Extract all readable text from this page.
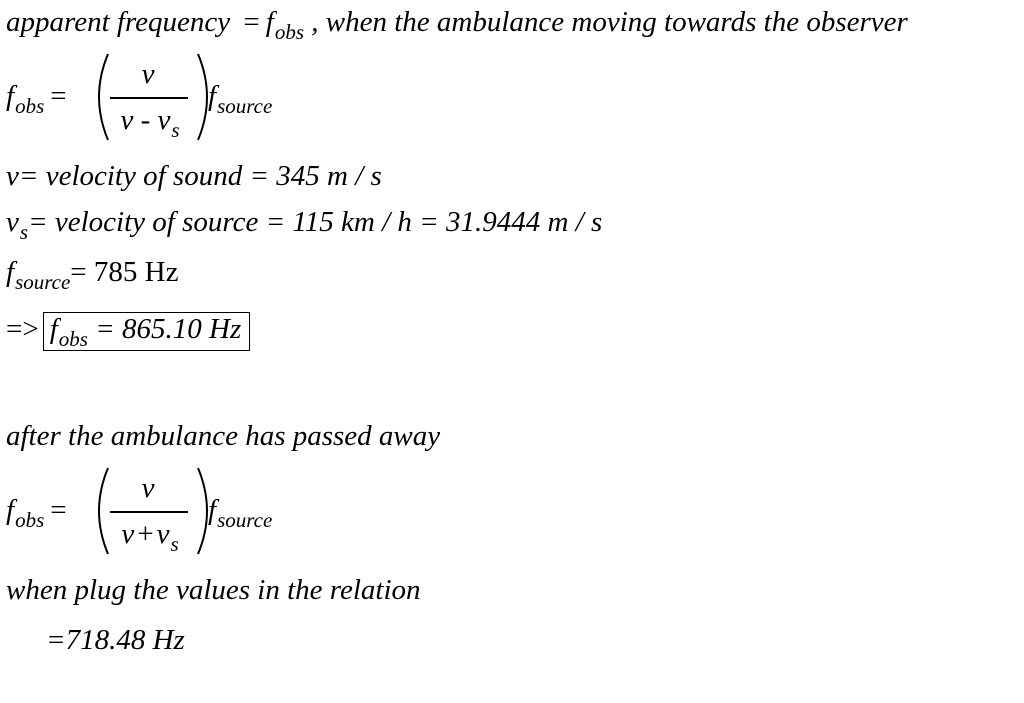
apparent frequency = $f_{obs}$ , when the ambulance moving towards the observer
$f_{obs}$ =
v
v - $v_s$
$f_{source}$
v= velocity of sound = 345 m / s
$v_s=$ velocity of source = 115 km / h = 31.9444 m / s
$f_{source}= 785$ Hz
=> $f_{obs} = 865.10$ Hz
after the ambulance has passed away
$f_{obs}$ =
v
$v + v_s$
$f_{source}$
when plug the values in the relation
=718.48 Hz
